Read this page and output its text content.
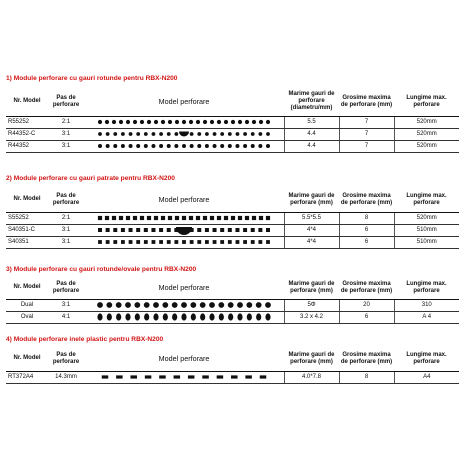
1) Module perforare cu gauri rotunde pentru RBX-N200
Nr. Model	Pas de perforare	Model perforare	Marime gauri de perforare (diametru/mm)	Grosime maxima de perforare (mm)	Lungime max. perforare
R55252	2:1		5.5	7	520mm
R44352-C	3:1		4.4	7	520mm
R44352	3:1		4.4	7	520mm
2) Module perforare cu gauri patrate pentru RBX-N200
Nr. Model	Pas de perforare	Model perforare	Marime gauri de perforare (mm)	Grosime maxima de perforare (mm)	Lungime max. perforare
S55252	2:1		5.5*5.5	8	520mm
S40351-C	3:1		4*4	6	510mm
S40351	3:1		4*4	6	510mm
3) Module perforare cu gauri rotunde/ovale pentru RBX-N200
Nr. Model	Pas de perforare	Model perforare	Marime gauri de perforare (mm)	Grosime maxima de perforare (mm)	Lungime max. perforare
Dual	3:1		5Φ	20	310
Oval	4:1		3.2 x 4.2	6	A 4
4) Module perforare inele plastic pentru RBX-N200
Nr. Model	Pas de perforare	Model perforare	Marime gauri de perforare (mm)	Grosime maxima de perforare (mm)	Lungime max. perforare
RT372A4	14.3mm		4.0*7.8	8	A4
